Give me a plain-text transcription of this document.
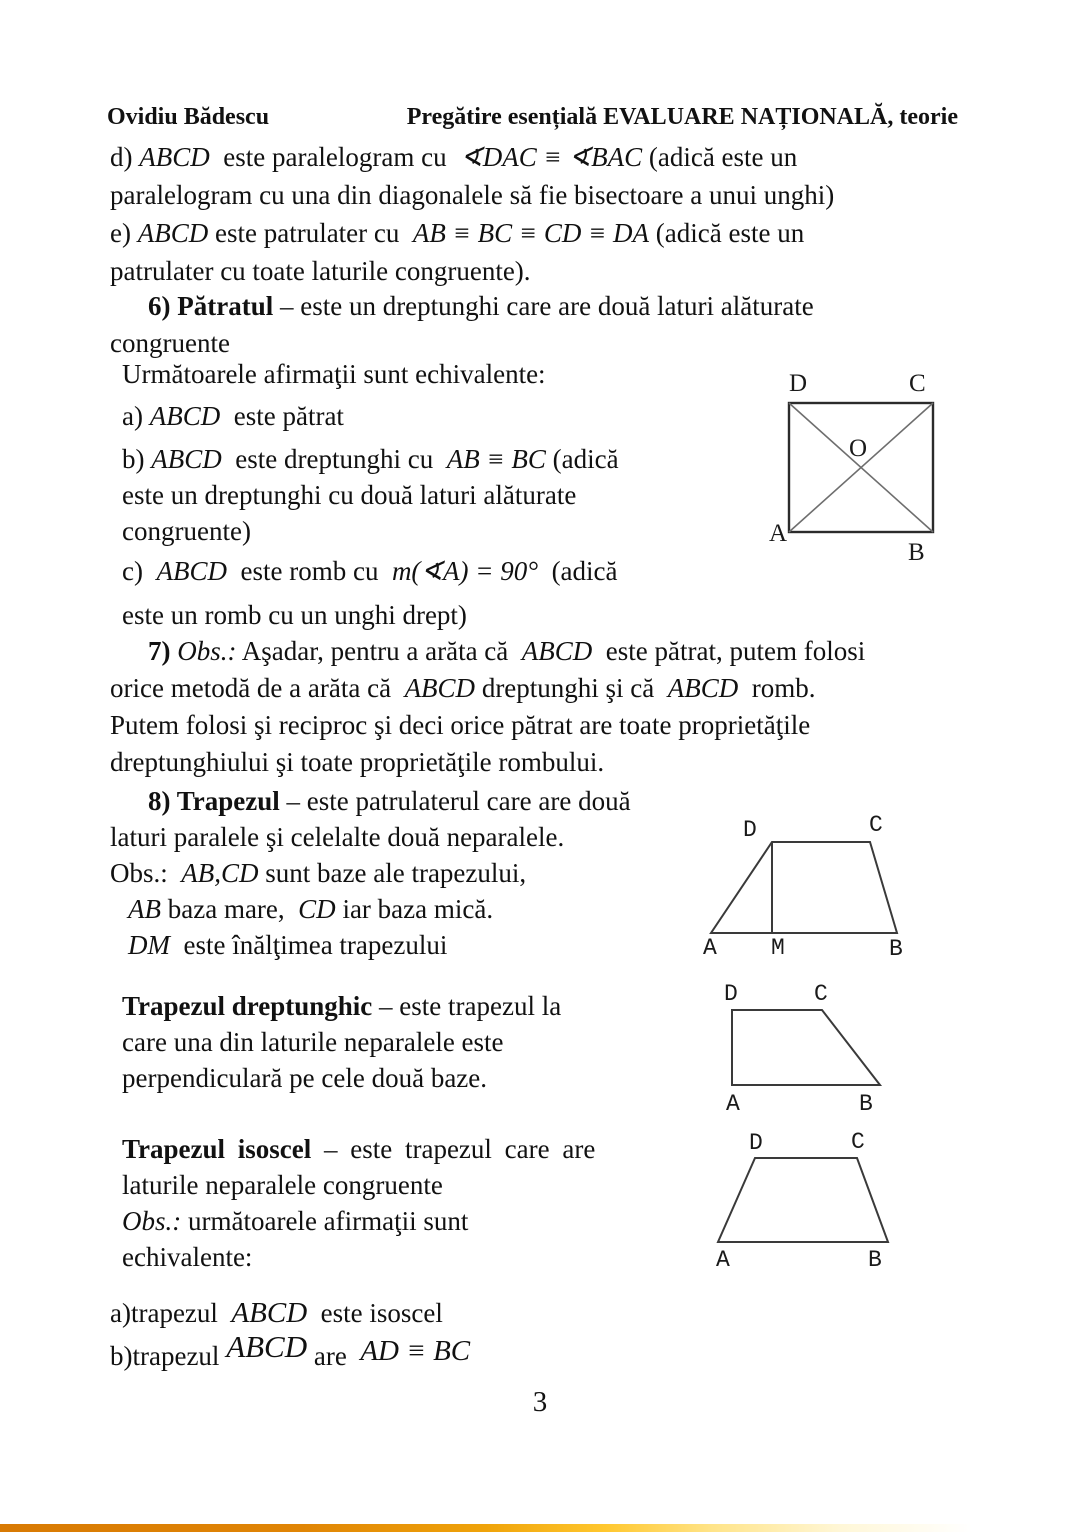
Ovidiu Bădescu	Pregătire esențială EVALUARE NAȚIONALĂ, teorie
d) ABCD  este paralelogram cu  ∢DAC ≡ ∢BAC (adică este un
paralelogram cu una din diagonalele să fie bisectoare a unui unghi)
e) ABCD este patrulater cu  AB ≡ BC ≡ CD ≡ DA (adică este un
patrulater cu toate laturile congruente).
6) Pătratul – este un dreptunghi care are două laturi alăturate
congruente
Următoarele afirmaţii sunt echivalente:
a) ABCD  este pătrat
b) ABCD  este dreptunghi cu  AB ≡ BC (adică
este un dreptunghi cu două laturi alăturate
congruente)
c)  ABCD  este romb cu  m(∢A) = 90°  (adică
este un romb cu un unghi drept)
D	C
O
A
B
7) Obs.: Aşadar, pentru a arăta că  ABCD  este pătrat, putem folosi
orice metodă de a arăta că  ABCD dreptunghi şi că  ABCD  romb.
Putem folosi şi reciproc şi deci orice pătrat are toate proprietăţile
dreptunghiului şi toate proprietăţile rombului.
8) Trapezul – este patrulaterul care are două
laturi paralele şi celelalte două neparalele.
Obs.:  AB,CD sunt baze ale trapezului,
AB baza mare,  CD iar baza mică.
DM  este înălţimea trapezului
D	C
A M	B
Trapezul dreptunghic – este trapezul la
care una din laturile neparalele este
perpendiculară pe cele două baze.
D	C
A	B
Trapezul isoscel – este trapezul care are
laturile neparalele congruente
Obs.: următoarele afirmaţii sunt
echivalente:
D	C
A	B
a)trapezul  ABCD  este isoscel
b)trapezul ABCD are  AD ≡ BC
3
